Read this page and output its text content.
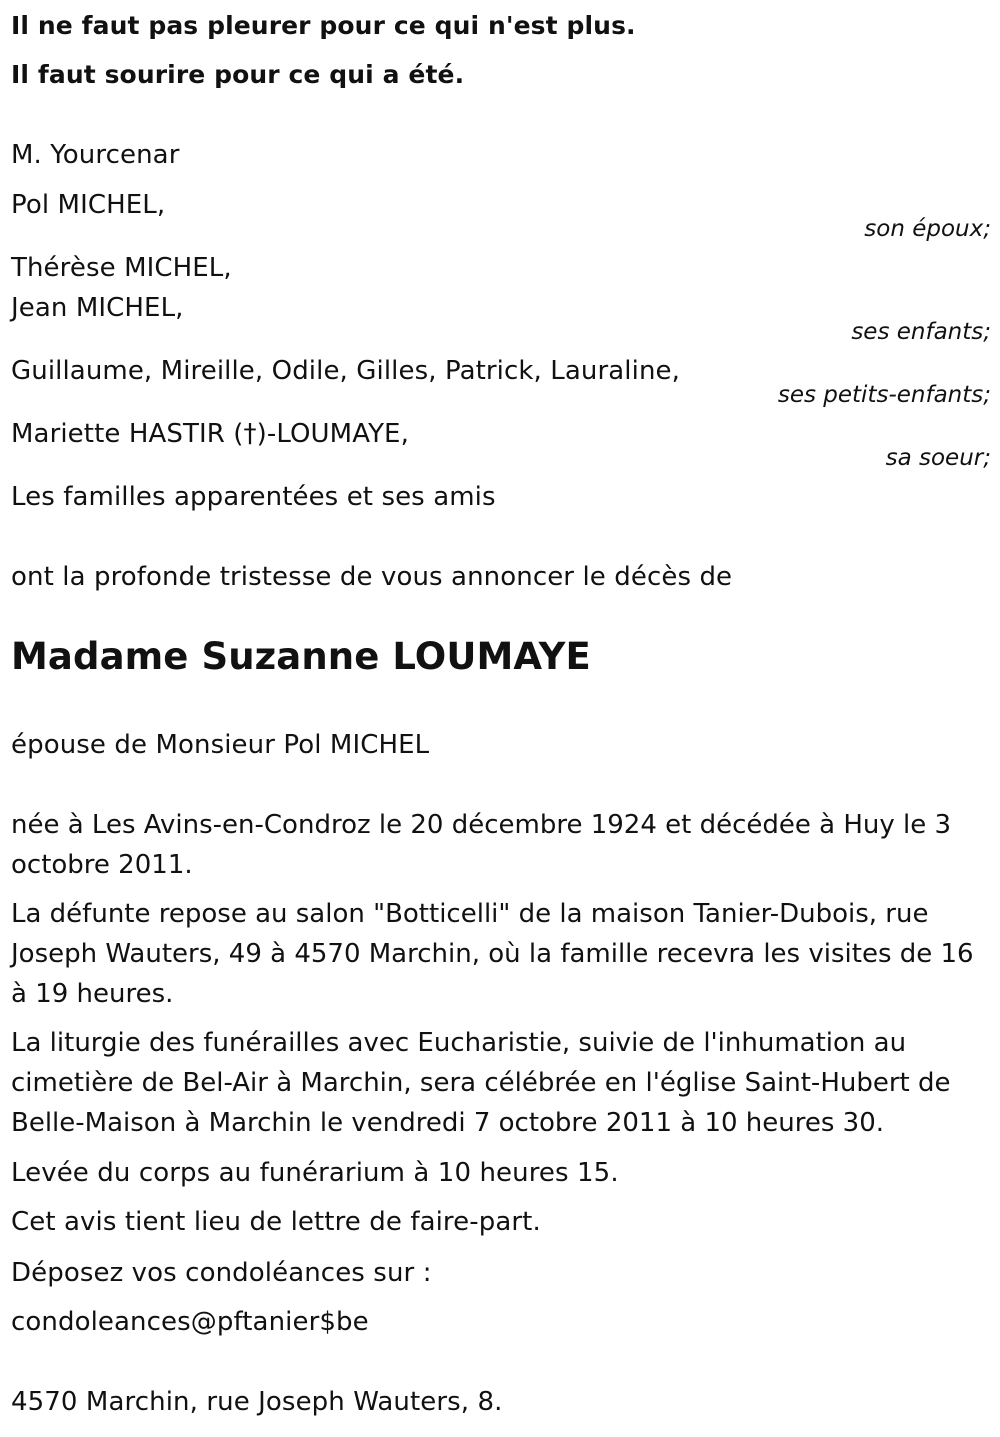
Il ne faut pas pleurer pour ce qui n'est plus.
Il faut sourire pour ce qui a été.
M. Yourcenar
Pol MICHEL,
son époux;
Thérèse MICHEL,
Jean MICHEL,
ses enfants;
Guillaume, Mireille, Odile, Gilles, Patrick, Lauraline,
ses petits-enfants;
Mariette HASTIR (†)-LOUMAYE,
sa soeur;
Les familles apparentées et ses amis
ont la profonde tristesse de vous annoncer le décès de
Madame Suzanne LOUMAYE
épouse de Monsieur Pol MICHEL
née à Les Avins-en-Condroz le 20 décembre 1924 et décédée à Huy le 3 octobre 2011.
La défunte repose au salon "Botticelli" de la maison Tanier-Dubois, rue Joseph Wauters, 49 à 4570 Marchin, où la famille recevra les visites de 16 à 19 heures.
La liturgie des funérailles avec Eucharistie, suivie de l'inhumation au cimetière de Bel-Air à Marchin, sera célébrée en l'église Saint-Hubert de Belle-Maison à Marchin le vendredi 7 octobre 2011 à 10 heures 30.
Levée du corps au funérarium à 10 heures 15.
Cet avis tient lieu de lettre de faire-part.
Déposez vos condoléances sur :
condoleances@pftanier$be
4570 Marchin, rue Joseph Wauters, 8.
